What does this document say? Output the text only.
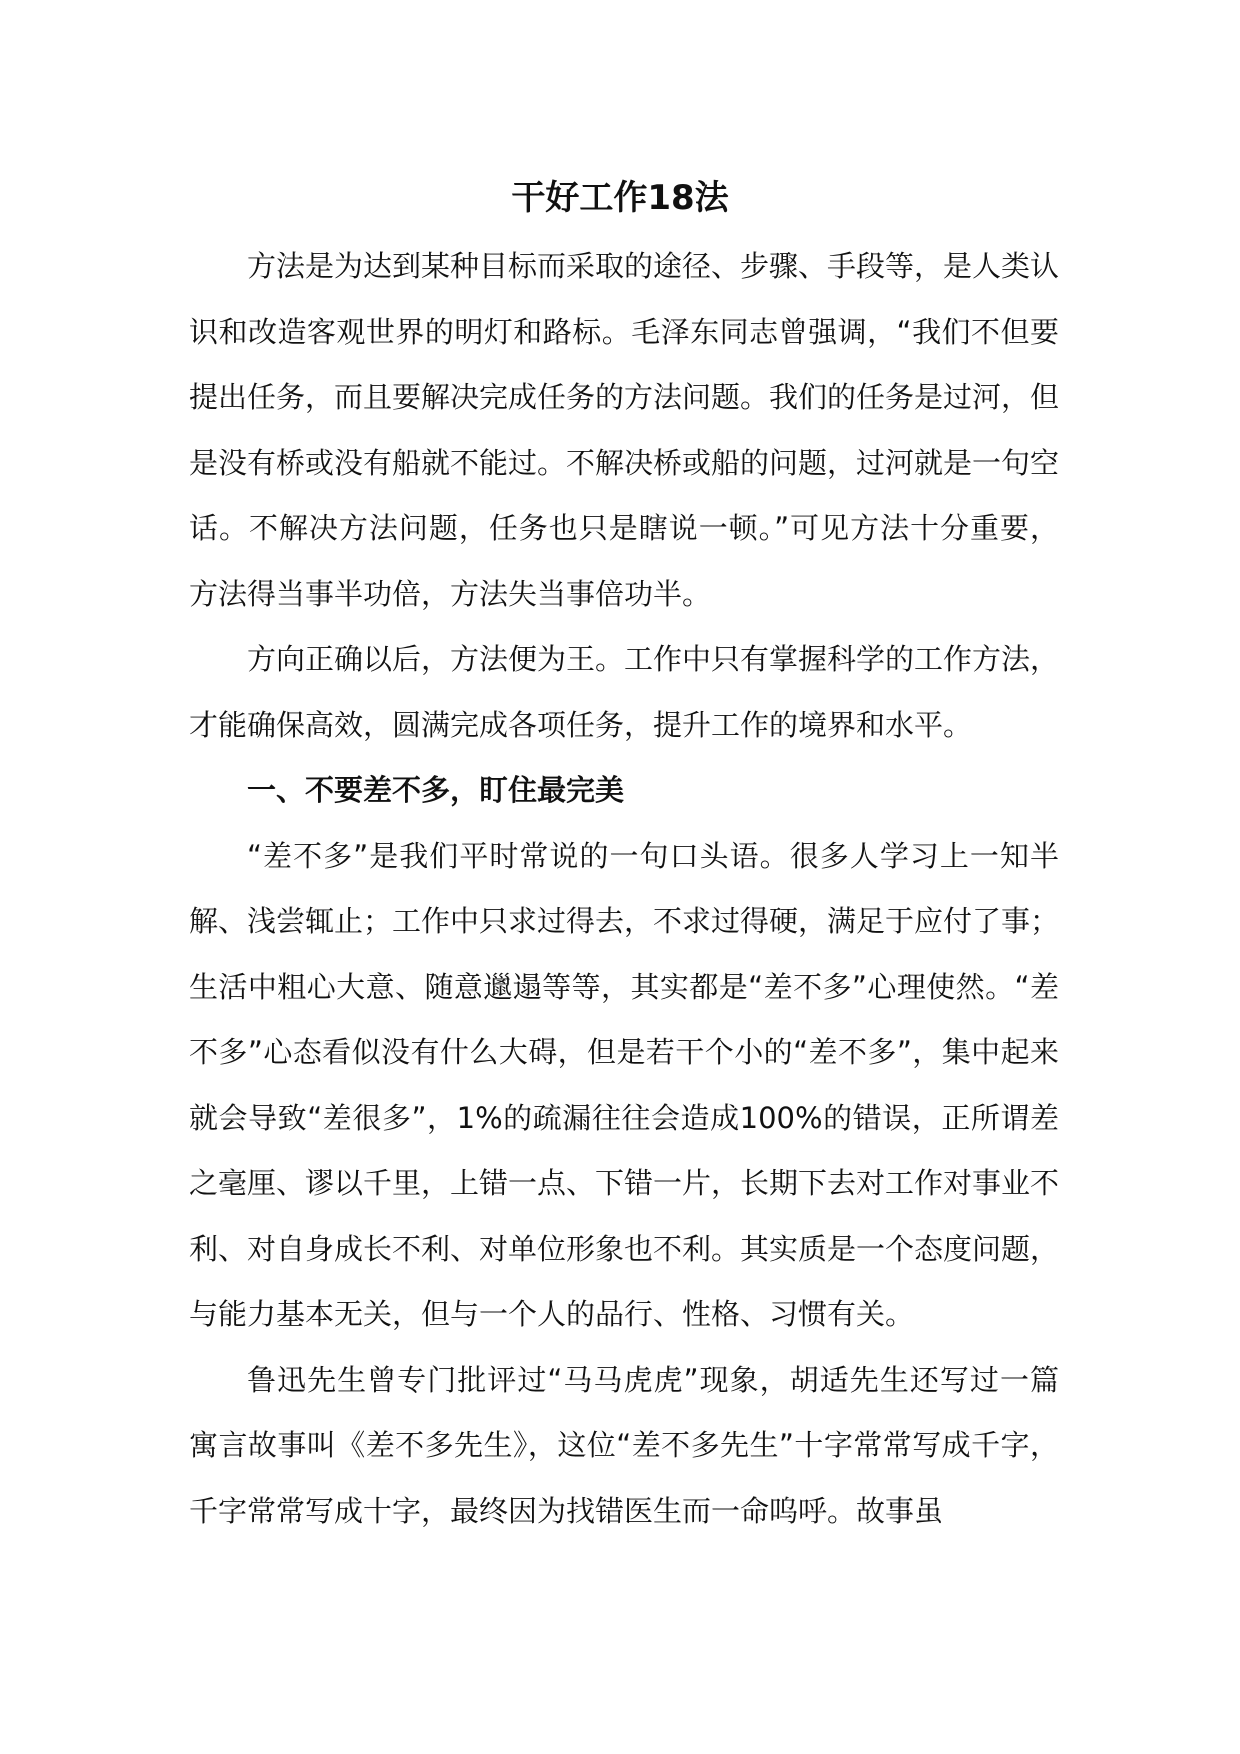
干好工作18法

方法是为达到某种目标而采取的途径、步骤、手段等，是人类认识和改造客观世界的明灯和路标。毛泽东同志曾强调，“我们不但要提出任务，而且要解决完成任务的方法问题。我们的任务是过河，但是没有桥或没有船就不能过。不解决桥或船的问题，过河就是一句空话。不解决方法问题，任务也只是瞎说一顿。”可见方法十分重要，方法得当事半功倍，方法失当事倍功半。

方向正确以后，方法便为王。工作中只有掌握科学的工作方法，才能确保高效，圆满完成各项任务，提升工作的境界和水平。

一、不要差不多，盯住最完美

“差不多”是我们平时常说的一句口头语。很多人学习上一知半解、浅尝辄止；工作中只求过得去，不求过得硬，满足于应付了事；生活中粗心大意、随意邋遢等等，其实都是“差不多”心理使然。“差不多”心态看似没有什么大碍，但是若干个小的“差不多”，集中起来就会导致“差很多”，1%的疏漏往往会造成100%的错误，正所谓差之毫厘、谬以千里，上错一点、下错一片，长期下去对工作对事业不利、对自身成长不利、对单位形象也不利。其实质是一个态度问题，与能力基本无关，但与一个人的品行、性格、习惯有关。

鲁迅先生曾专门批评过“马马虎虎”现象，胡适先生还写过一篇寓言故事叫《差不多先生》，这位“差不多先生”十字常常写成千字，千字常常写成十字，最终因为找错医生而一命呜呼。故事虽
